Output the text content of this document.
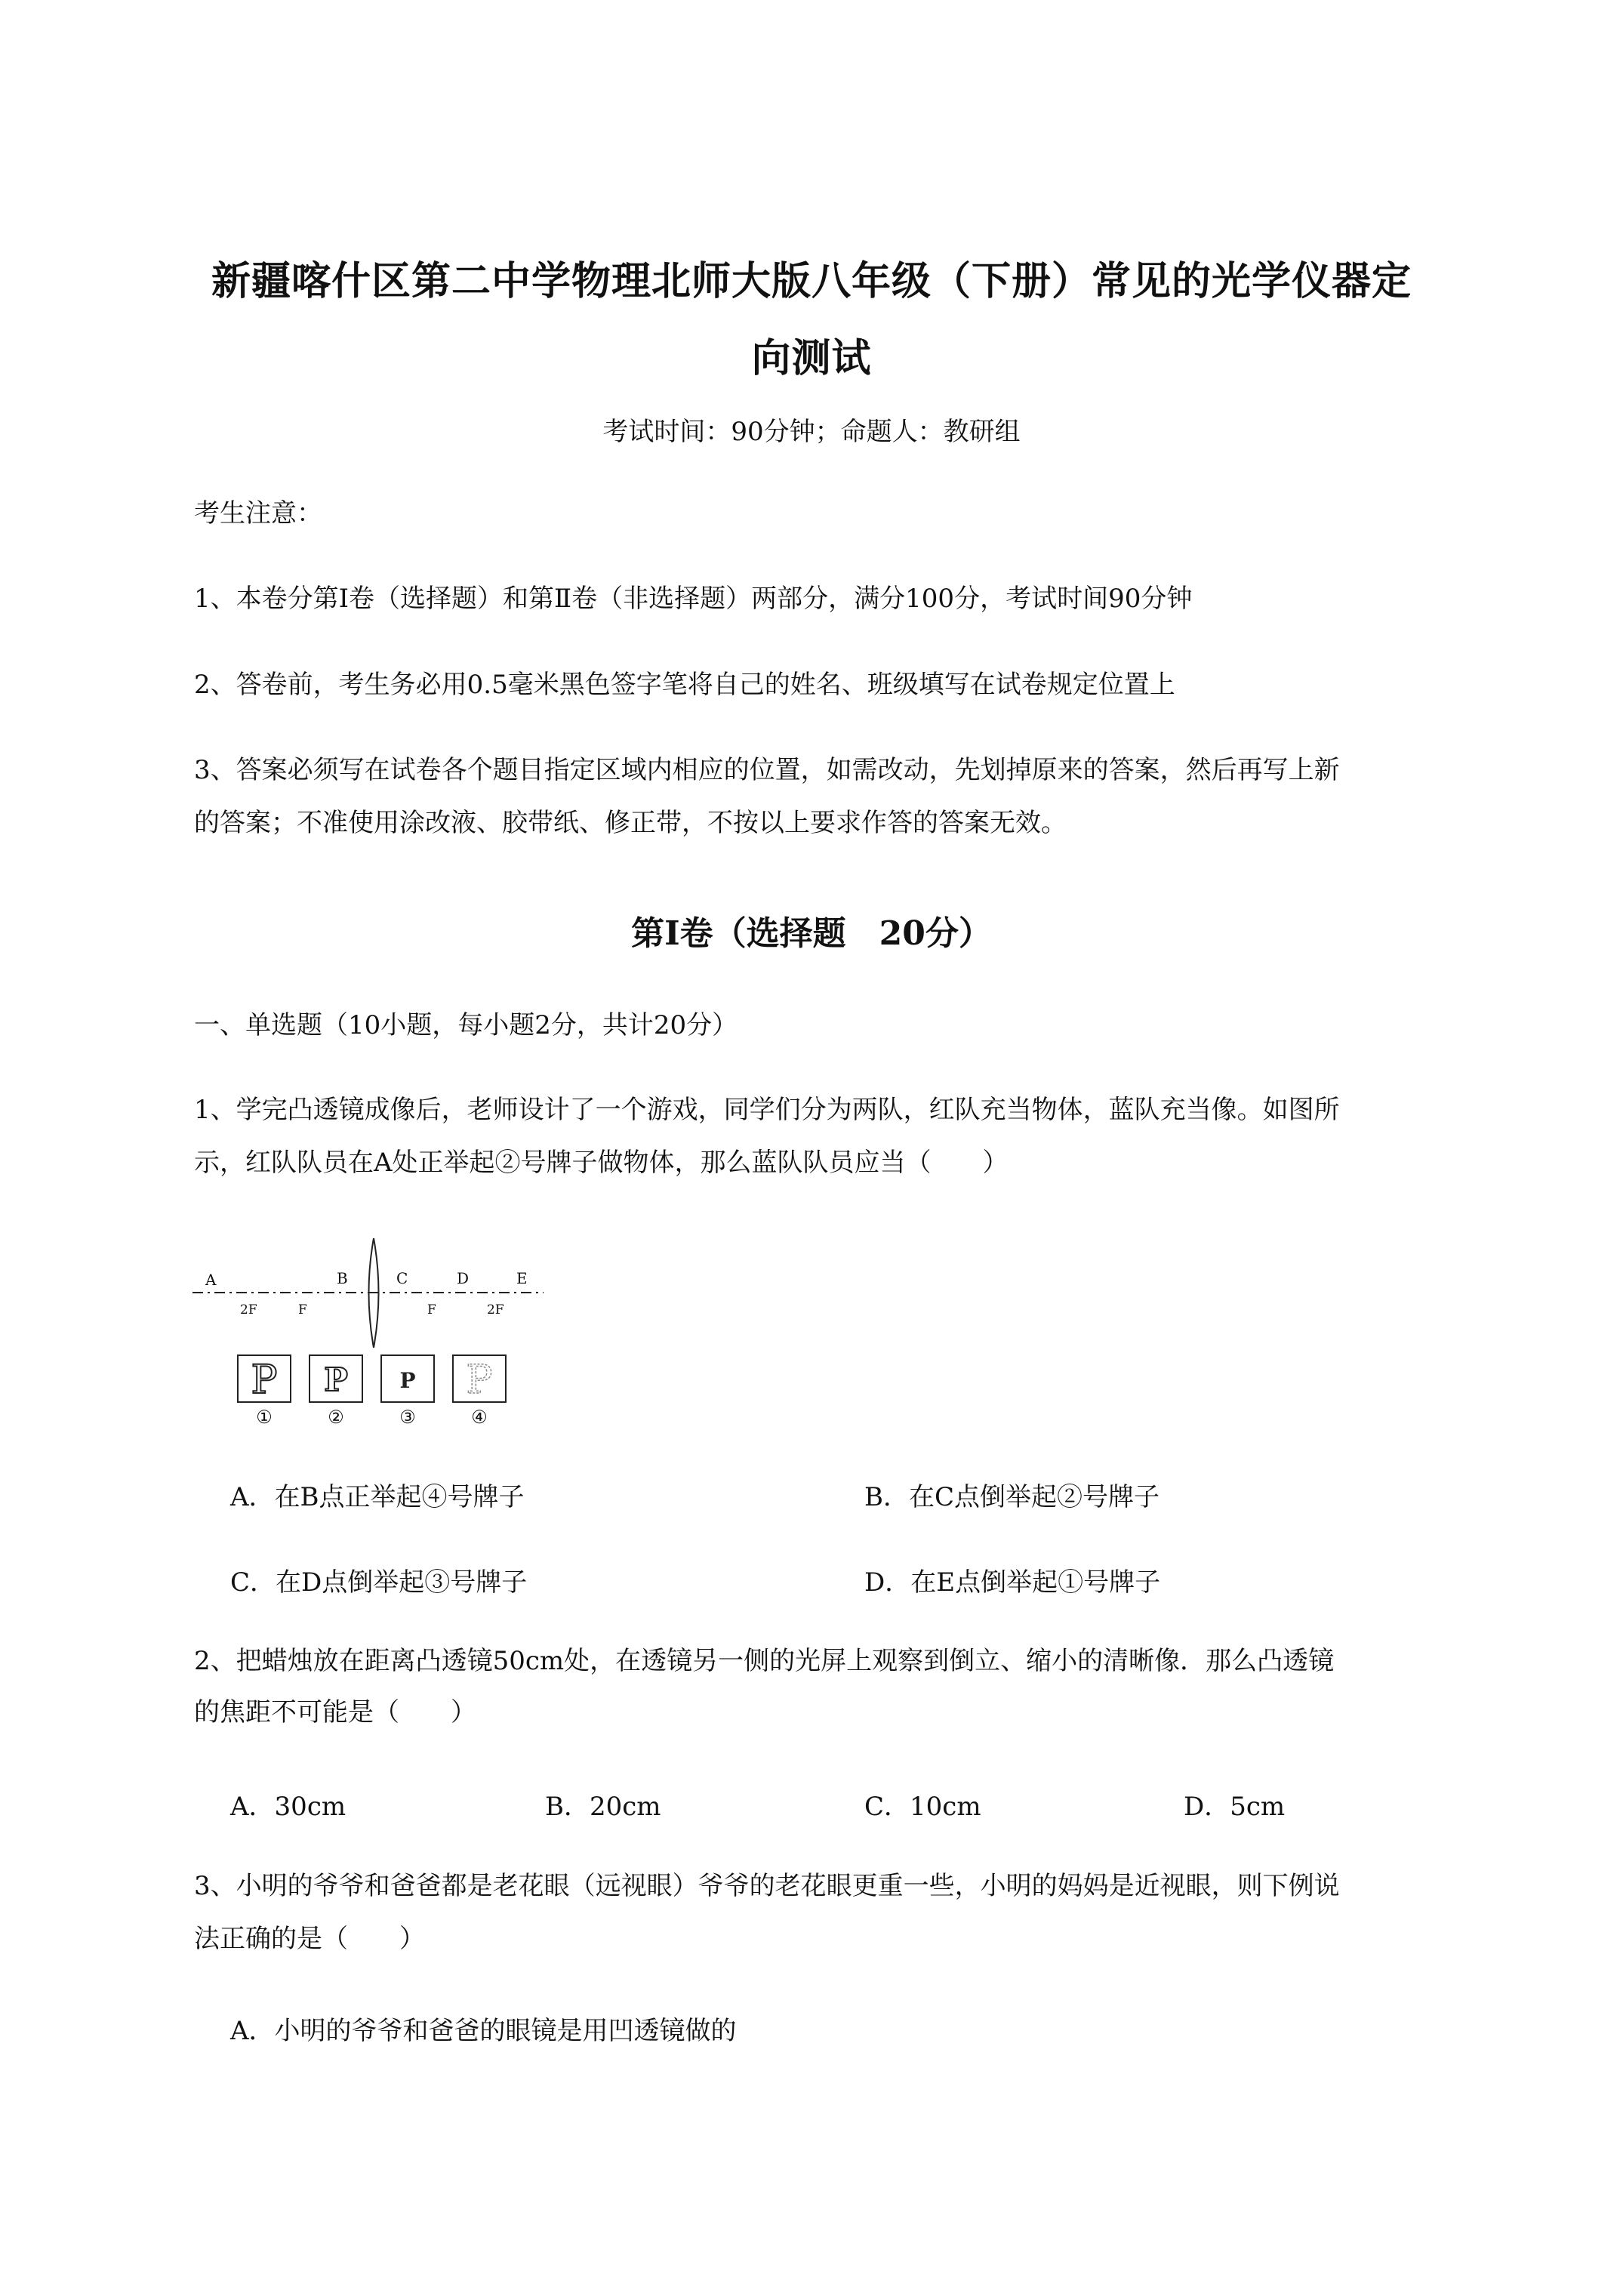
新疆喀什区第二中学物理北师大版八年级（下册）常见的光学仪器定
向测试
考试时间：90分钟；命题人：教研组
考生注意：
1、本卷分第Ⅰ卷（选择题）和第Ⅱ卷（非选择题）两部分，满分100分，考试时间90分钟
2、答卷前，考生务必用0.5毫米黑色签字笔将自己的姓名、班级填写在试卷规定位置上
3、答案必须写在试卷各个题目指定区域内相应的位置，如需改动，先划掉原来的答案，然后再写上新
的答案；不准使用涂改液、胶带纸、修正带，不按以上要求作答的答案无效。
第Ⅰ卷（选择题　20分）
一、单选题（10小题，每小题2分，共计20分）
1、学完凸透镜成像后，老师设计了一个游戏，同学们分为两队，红队充当物体，蓝队充当像。如图所
示，红队队员在A处正举起②号牌子做物体，那么蓝队队员应当（　　）
A
2F	F
B	C
F
D
2F
E
P P P P
①	②	③	④
A．在B点正举起④号牌子	B．在C点倒举起②号牌子
C．在D点倒举起③号牌子	D．在E点倒举起①号牌子
2、把蜡烛放在距离凸透镜50cm处，在透镜另一侧的光屏上观察到倒立、缩小的清晰像．那么凸透镜
的焦距不可能是（　　）
A．30cm	B．20cm	C．10cm	D．5cm
3、小明的爷爷和爸爸都是老花眼（远视眼）爷爷的老花眼更重一些，小明的妈妈是近视眼，则下例说
法正确的是（　　）
A．小明的爷爷和爸爸的眼镜是用凹透镜做的
